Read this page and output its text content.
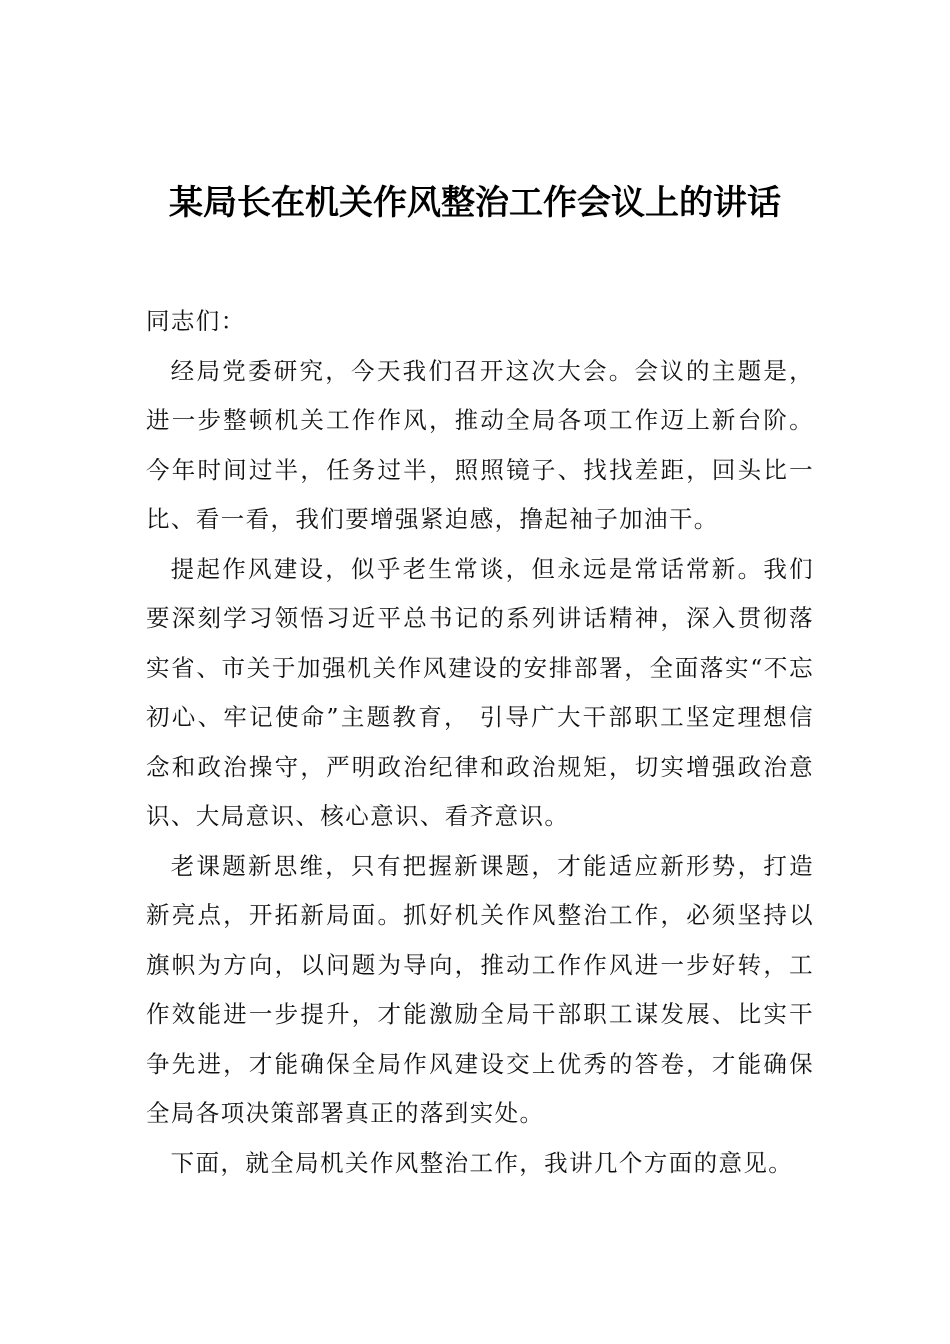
某局长在机关作风整治工作会议上的讲话

同志们：

经局党委研究，今天我们召开这次大会。会议的主题是，进一步整顿机关工作作风，推动全局各项工作迈上新台阶。今年时间过半，任务过半，照照镜子、找找差距，回头比一比、看一看，我们要增强紧迫感，撸起袖子加油干。

提起作风建设，似乎老生常谈，但永远是常话常新。我们要深刻学习领悟习近平总书记的系列讲话精神，深入贯彻落实省、市关于加强机关作风建设的安排部署，全面落实“不忘初心、牢记使命”主题教育， 引导广大干部职工坚定理想信念和政治操守，严明政治纪律和政治规矩，切实增强政治意识、大局意识、核心意识、看齐意识。

老课题新思维，只有把握新课题，才能适应新形势，打造新亮点，开拓新局面。抓好机关作风整治工作，必须坚持以旗帜为方向，以问题为导向，推动工作作风进一步好转，工作效能进一步提升，才能激励全局干部职工谋发展、比实干争先进，才能确保全局作风建设交上优秀的答卷，才能确保全局各项决策部署真正的落到实处。

下面，就全局机关作风整治工作，我讲几个方面的意见。
